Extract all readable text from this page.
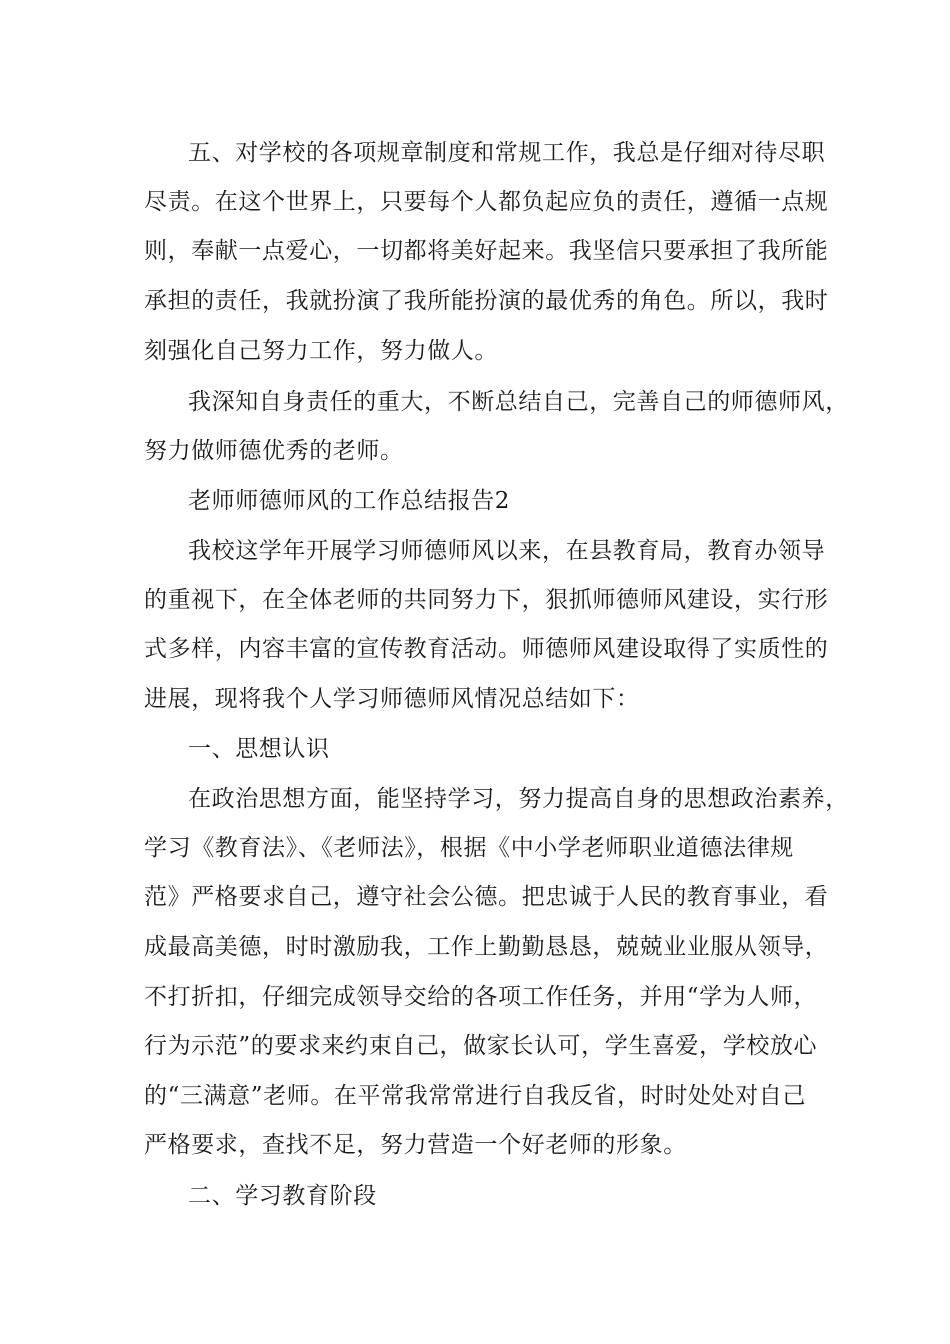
五、对学校的各项规章制度和常规工作，我总是仔细对待尽职
尽责。在这个世界上，只要每个人都负起应负的责任，遵循一点规
则，奉献一点爱心，一切都将美好起来。我坚信只要承担了我所能
承担的责任，我就扮演了我所能扮演的最优秀的角色。所以，我时
刻强化自己努力工作，努力做人。
我深知自身责任的重大，不断总结自己，完善自己的师德师风，
努力做师德优秀的老师。
老师师德师风的工作总结报告2
我校这学年开展学习师德师风以来，在县教育局，教育办领导
的重视下，在全体老师的共同努力下，狠抓师德师风建设，实行形
式多样，内容丰富的宣传教育活动。师德师风建设取得了实质性的
进展，现将我个人学习师德师风情况总结如下：
一、思想认识
在政治思想方面，能坚持学习，努力提高自身的思想政治素养，
学习《教育法》、《老师法》，根据《中小学老师职业道德法律规
范》严格要求自己，遵守社会公德。把忠诚于人民的教育事业，看
成最高美德，时时激励我，工作上勤勤恳恳，兢兢业业服从领导，
不打折扣，仔细完成领导交给的各项工作任务，并用“学为人师，
行为示范”的要求来约束自己，做家长认可，学生喜爱，学校放心
的“三满意”老师。在平常我常常进行自我反省，时时处处对自己
严格要求，查找不足，努力营造一个好老师的形象。
二、学习教育阶段
